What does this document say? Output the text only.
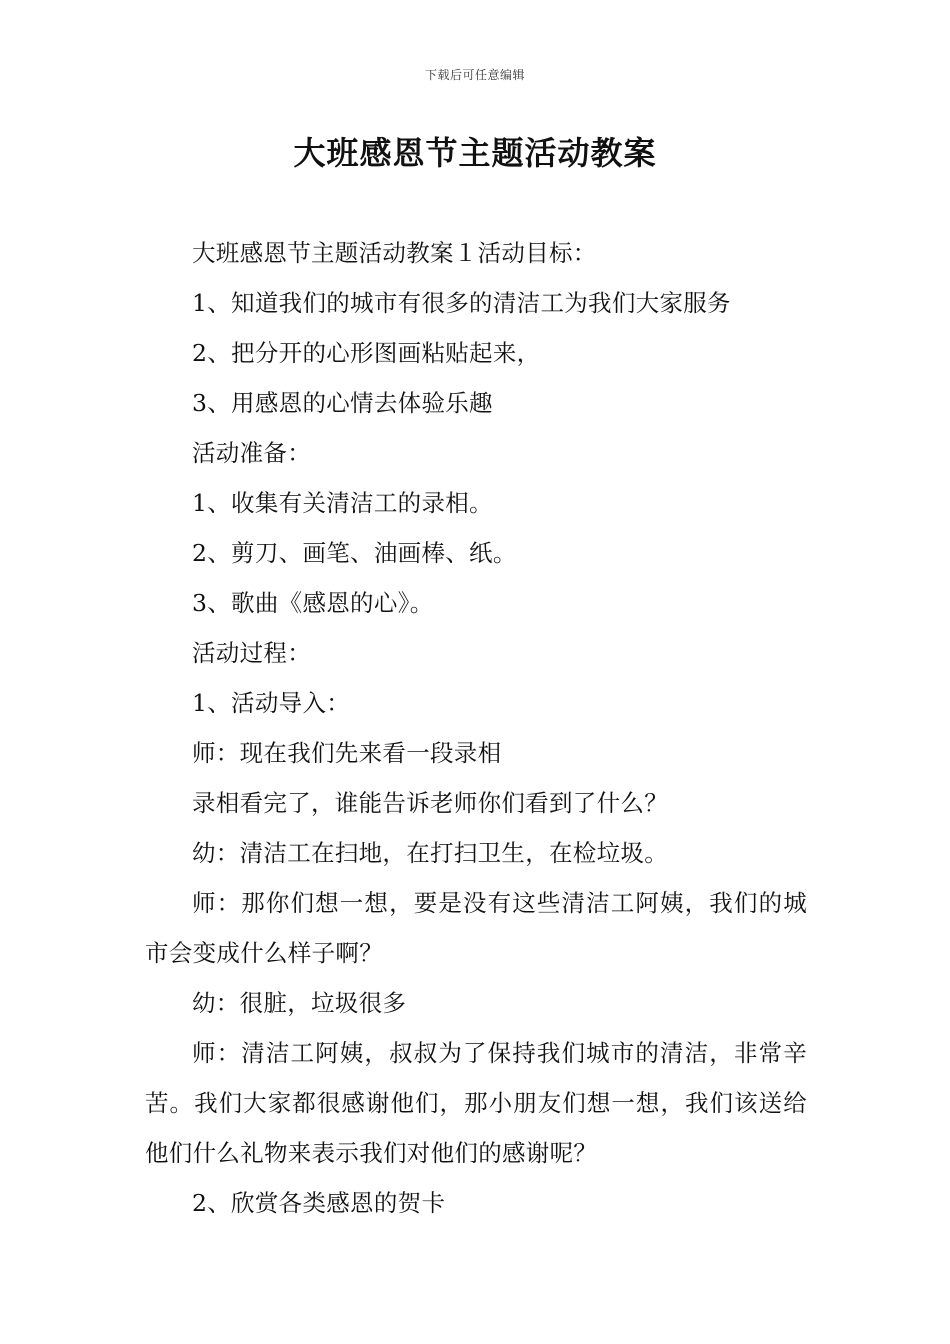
下载后可任意编辑
大班感恩节主题活动教案

大班感恩节主题活动教案１活动目标：

1、知道我们的城市有很多的清洁工为我们大家服务

2、把分开的心形图画粘贴起来，

3、用感恩的心情去体验乐趣

活动准备：

1、收集有关清洁工的录相。

2、剪刀、画笔、油画棒、纸。

3、歌曲《感恩的心》。

活动过程：

1、活动导入：

师：现在我们先来看一段录相

录相看完了，谁能告诉老师你们看到了什么？

幼：清洁工在扫地，在打扫卫生，在检垃圾。

师：那你们想一想，要是没有这些清洁工阿姨，我们的城市会变成什么样子啊？

幼：很脏，垃圾很多

师：清洁工阿姨，叔叔为了保持我们城市的清洁，非常辛苦。我们大家都很感谢他们，那小朋友们想一想，我们该送给他们什么礼物来表示我们对他们的感谢呢？

2、欣赏各类感恩的贺卡
